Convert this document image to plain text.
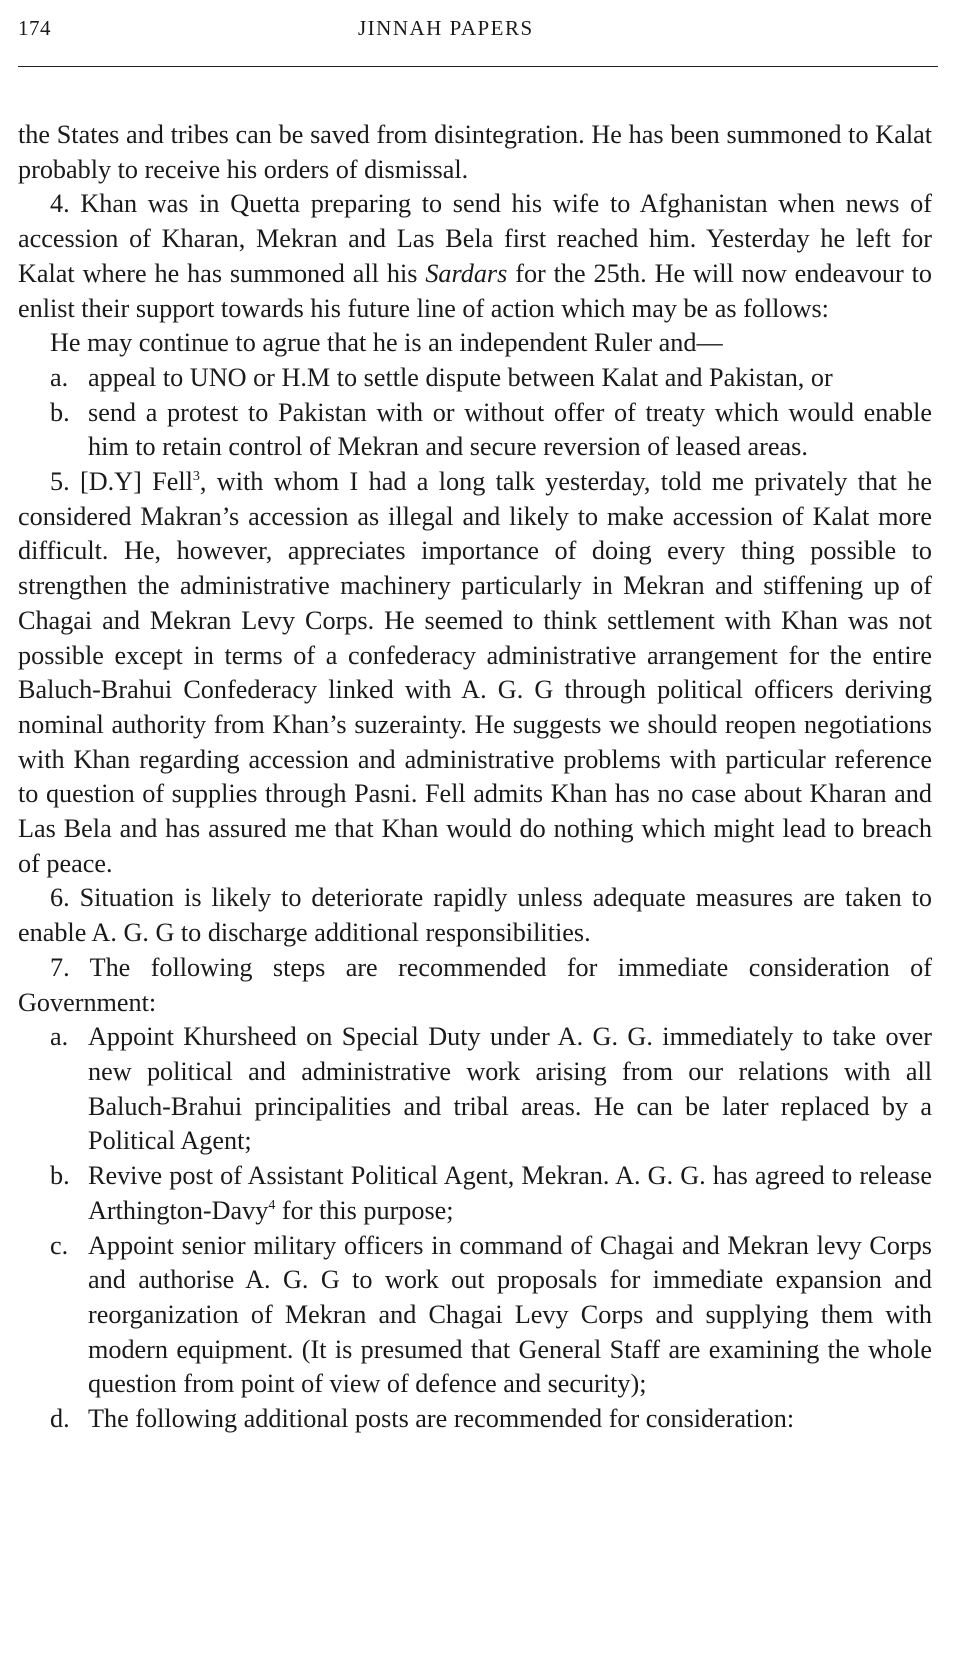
174	JINNAH PAPERS

the States and tribes can be saved from disintegration. He has been summoned to Kalat probably to receive his orders of dismissal.

4. Khan was in Quetta preparing to send his wife to Afghanistan when news of accession of Kharan, Mekran and Las Bela first reached him. Yesterday he left for Kalat where he has summoned all his Sardars for the 25th. He will now endeavour to enlist their support towards his future line of action which may be as follows:

He may continue to agrue that he is an independent Ruler and—

a. appeal to UNO or H.M to settle dispute between Kalat and Pakistan, or
b. send a protest to Pakistan with or without offer of treaty which would enable him to retain control of Mekran and secure reversion of leased areas.

5. [D.Y] Fell$^3$, with whom I had a long talk yesterday, told me privately that he considered Makran’s accession as illegal and likely to make accession of Kalat more difficult. He, however, appreciates importance of doing every thing possible to strengthen the administrative machinery particularly in Mekran and stiffening up of Chagai and Mekran Levy Corps. He seemed to think settlement with Khan was not possible except in terms of a confederacy administrative arrangement for the entire Baluch-Brahui Confederacy linked with A. G. G through political officers deriving nominal authority from Khan’s suzerainty. He suggests we should reopen negotiations with Khan regarding accession and administrative problems with particular reference to question of supplies through Pasni. Fell admits Khan has no case about Kharan and Las Bela and has assured me that Khan would do nothing which might lead to breach of peace.

6. Situation is likely to deteriorate rapidly unless adequate measures are taken to enable A. G. G to discharge additional responsibilities.

7. The following steps are recommended for immediate consideration of Government:

a. Appoint Khursheed on Special Duty under A. G. G. immediately to take over new political and administrative work arising from our relations with all Baluch-Brahui principalities and tribal areas. He can be later replaced by a Political Agent;
b. Revive post of Assistant Political Agent, Mekran. A. G. G. has agreed to release Arthington-Davy$^4$ for this purpose;
c. Appoint senior military officers in command of Chagai and Mekran levy Corps and authorise A. G. G to work out proposals for immediate expansion and reorganization of Mekran and Chagai Levy Corps and supplying them with modern equipment. (It is presumed that General Staff are examining the whole question from point of view of defence and security);
d. The following additional posts are recommended for consideration:
